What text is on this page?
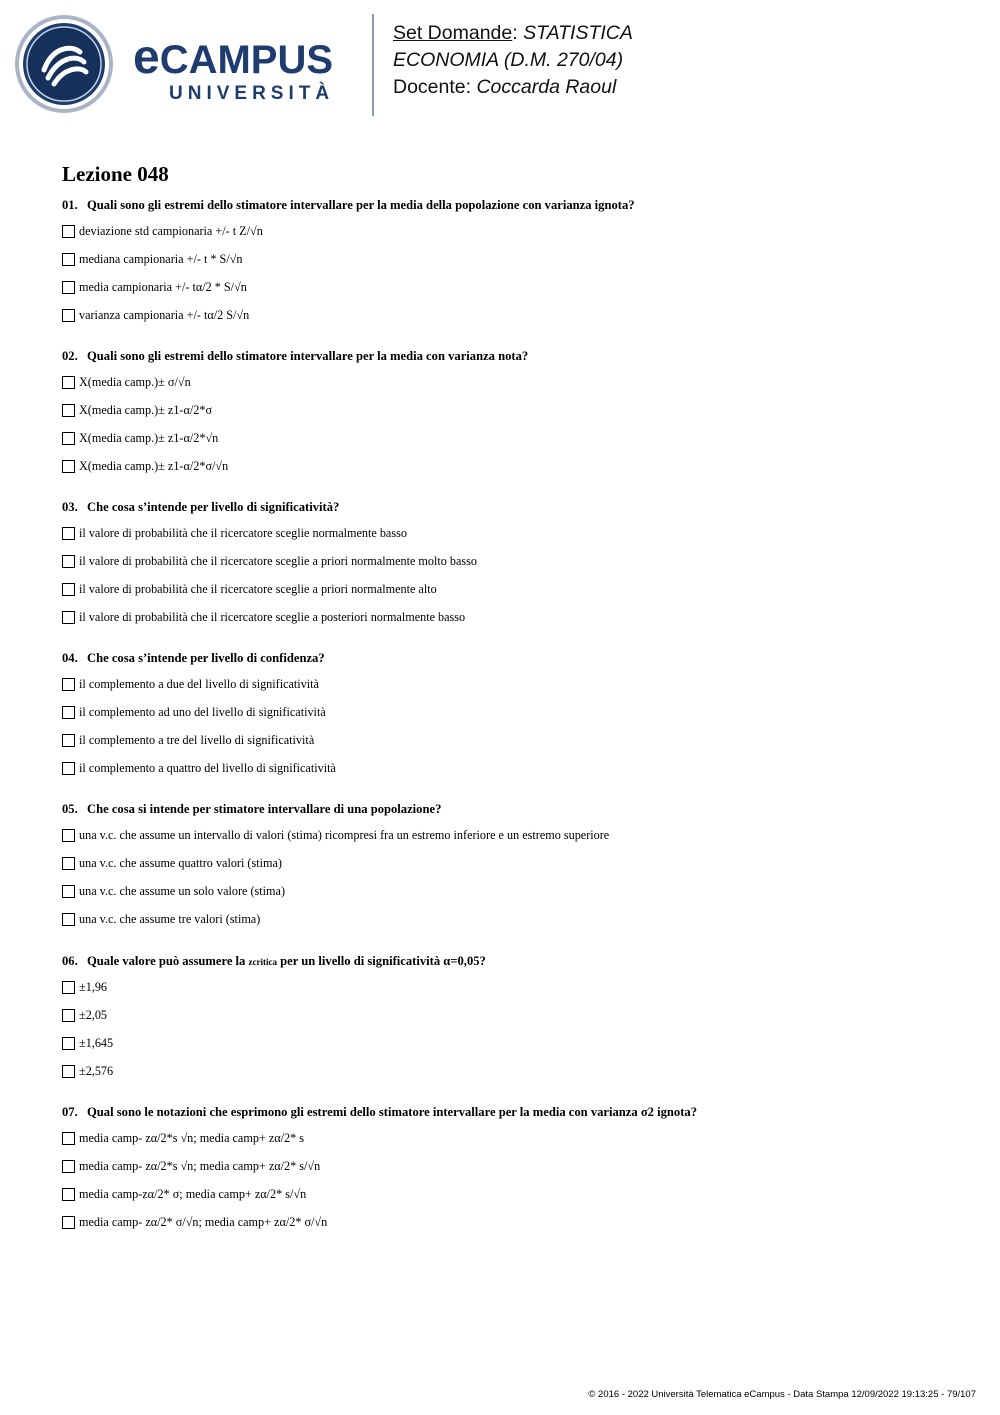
eCAMPUS
UNIVERSITÀ
Set Domande: STATISTICA
ECONOMIA (D.M. 270/04)
Docente: Coccarda Raoul
Lezione 048
01. Quali sono gli estremi dello stimatore intervallare per la media della popolazione con varianza ignota?
deviazione std campionaria +/- t Z/√n
mediana campionaria +/- t * S/√n
media campionaria +/- tα/2 * S/√n
varianza campionaria +/- tα/2 S/√n
02. Quali sono gli estremi dello stimatore intervallare per la media con varianza nota?
X(media camp.)± σ/√n
X(media camp.)± z1-α/2*σ
X(media camp.)± z1-α/2*√n
X(media camp.)± z1-α/2*σ/√n
03. Che cosa s’intende per livello di significatività?
il valore di probabilità che il ricercatore sceglie normalmente basso
il valore di probabilità che il ricercatore sceglie a priori normalmente molto basso
il valore di probabilità che il ricercatore sceglie a priori normalmente alto
il valore di probabilità che il ricercatore sceglie a posteriori normalmente basso
04. Che cosa s’intende per livello di confidenza?
il complemento a due del livello di significatività
il complemento ad uno del livello di significatività
il complemento a tre del livello di significatività
il complemento a quattro del livello di significatività
05. Che cosa si intende per stimatore intervallare di una popolazione?
una v.c. che assume un intervallo di valori (stima) ricompresi fra un estremo inferiore e un estremo superiore
una v.c. che assume quattro valori (stima)
una v.c. che assume un solo valore (stima)
una v.c. che assume tre valori (stima)
06. Quale valore può assumere la zcritica per un livello di significatività α=0,05?
±1,96
±2,05
±1,645
±2,576
07. Qual sono le notazioni che esprimono gli estremi dello stimatore intervallare per la media con varianza σ2 ignota?
media camp- zα/2*s √n; media camp+ zα/2* s
media camp- zα/2*s √n; media camp+ zα/2* s/√n
media camp-zα/2* σ; media camp+ zα/2* s/√n
media camp- zα/2* σ/√n; media camp+ zα/2* σ/√n
© 2016 - 2022 Università Telematica eCampus - Data Stampa 12/09/2022 19:13:25 - 79/107
